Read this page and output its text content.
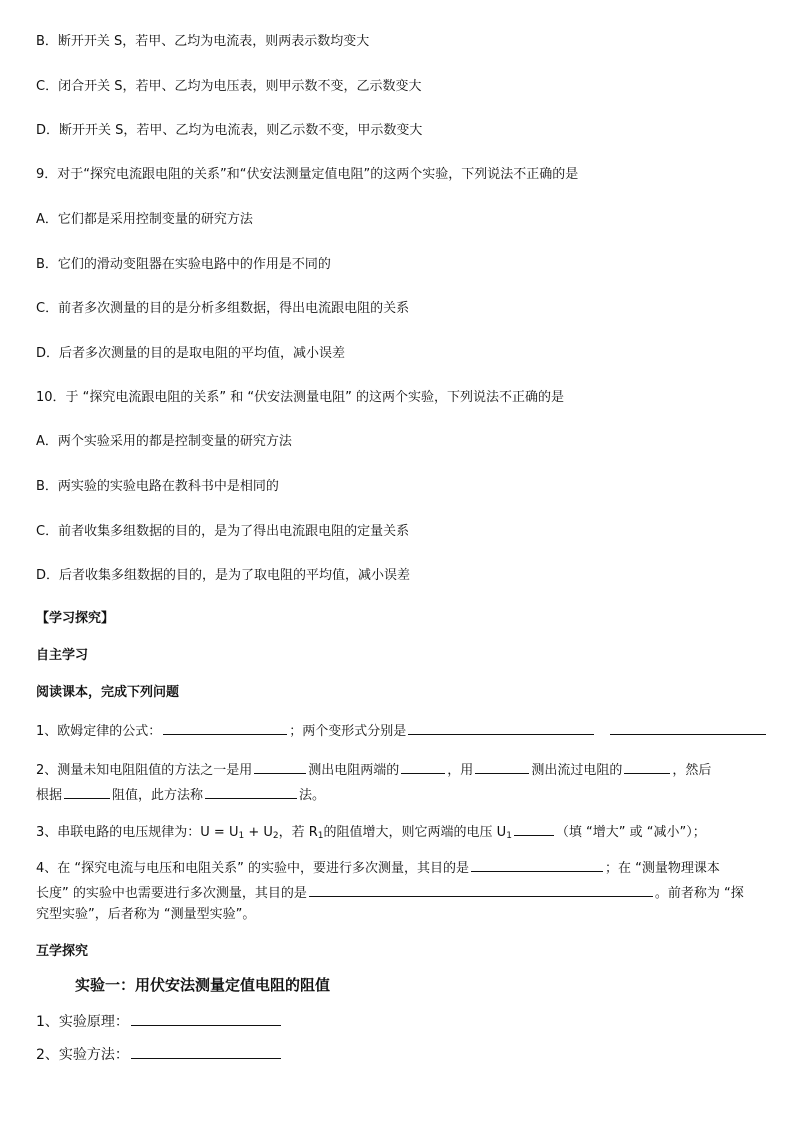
B．断开开关 S，若甲、乙均为电流表，则两表示数均变大
C．闭合开关 S，若甲、乙均为电压表，则甲示数不变，乙示数变大
D．断开开关 S，若甲、乙均为电流表，则乙示数不变，甲示数变大
9．对于“探究电流跟电阻的关系”和“伏安法测量定值电阻”的这两个实验，下列说法不正确的是
A．它们都是采用控制变量的研究方法
B．它们的滑动变阻器在实验电路中的作用是不同的
C．前者多次测量的目的是分析多组数据，得出电流跟电阻的关系
D．后者多次测量的目的是取电阻的平均值，减小误差
10．于 “探究电流跟电阻的关系” 和 “伏安法测量电阻” 的这两个实验，下列说法不正确的是
A．两个实验采用的都是控制变量的研究方法
B．两实验的实验电路在教科书中是相同的
C．前者收集多组数据的目的，是为了得出电流跟电阻的定量关系
D．后者收集多组数据的目的，是为了取电阻的平均值，减小误差
【学习探究】
自主学习
阅读课本，完成下列问题
1、欧姆定律的公式：	；两个变形式分别是
2、测量未知电阻阻值的方法之一是用	测出电阻两端的	，用	测出流过电阻的	，然后
根据	阻值，此方法称	法。
3、串联电路的电压规律为：$U = U_1 + U_2$，若 $R_1$的阻值增大，则它两端的电压 $U_1$	（填 “增大” 或 “减小”）；
4、在 “探究电流与电压和电阻关系” 的实验中，要进行多次测量，其目的是	；在 “测量物理课本
长度” 的实验中也需要进行多次测量，其目的是	。前者称为 “探
究型实验”，后者称为 “测量型实验”。
互学探究
实验一：用伏安法测量定值电阻的阻值
1、实验原理：
2、实验方法：
